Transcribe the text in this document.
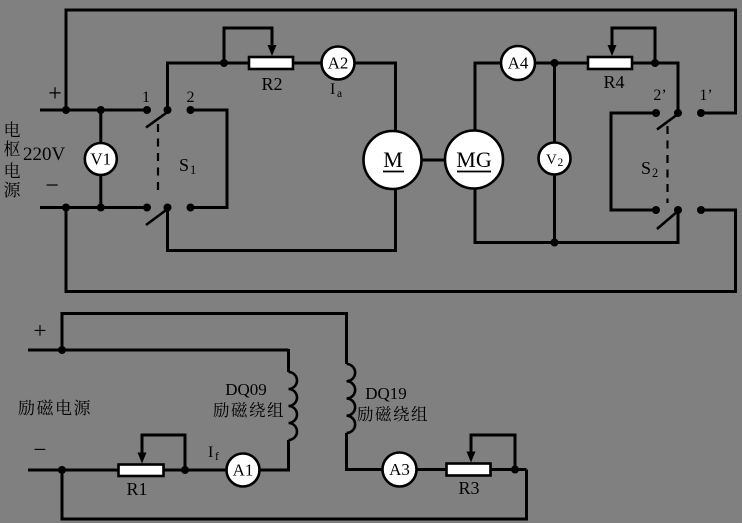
R2	R4
R1	R3
V1
A2	A4
V 2
A1	A3
M MG
电
枢
电
源
220V
+
−
1 2
S 1
2’ 1’
S 2
I a
I f
励磁电源
+
−
DQ09
励磁绕组
DQ19
励磁绕组
